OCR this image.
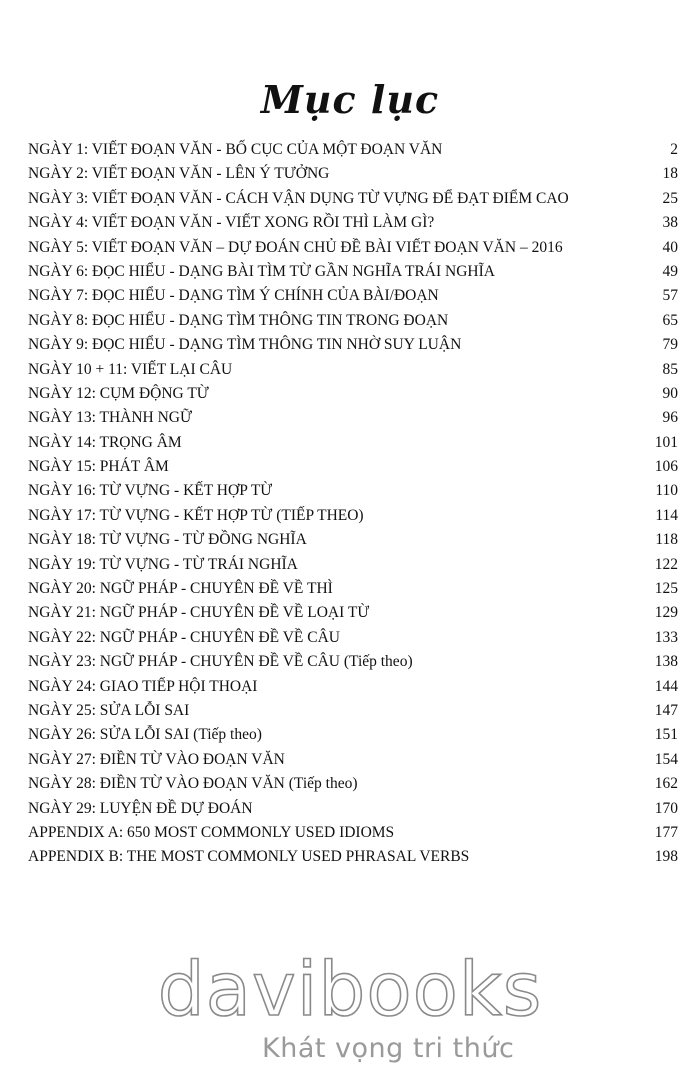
Mục lục
NGÀY 1: VIẾT ĐOẠN VĂN - BỐ CỤC CỦA MỘT ĐOẠN VĂN	2
NGÀY 2: VIẾT ĐOẠN VĂN - LÊN Ý TƯỞNG	18
NGÀY 3: VIẾT ĐOẠN VĂN - CÁCH VẬN DỤNG TỪ VỰNG ĐỂ ĐẠT ĐIỂM CAO	25
NGÀY 4: VIẾT ĐOẠN VĂN - VIẾT XONG RỒI THÌ LÀM GÌ?	38
NGÀY 5: VIẾT ĐOẠN VĂN – DỰ ĐOÁN CHỦ ĐỀ BÀI VIẾT ĐOẠN VĂN – 2016	40
NGÀY 6: ĐỌC HIỂU - DẠNG BÀI TÌM TỪ GẦN NGHĨA TRÁI NGHĨA	49
NGÀY 7: ĐỌC HIỂU - DẠNG TÌM Ý CHÍNH CỦA BÀI/ĐOẠN	57
NGÀY 8: ĐỌC HIỂU - DẠNG TÌM THÔNG TIN TRONG ĐOẠN	65
NGÀY 9: ĐỌC HIỂU - DẠNG TÌM THÔNG TIN NHỜ SUY LUẬN	79
NGÀY 10 + 11: VIẾT LẠI CÂU	85
NGÀY 12: CỤM ĐỘNG TỪ	90
NGÀY 13: THÀNH NGỮ	96
NGÀY 14: TRỌNG ÂM	101
NGÀY 15: PHÁT ÂM	106
NGÀY 16: TỪ VỰNG - KẾT HỢP TỪ	110
NGÀY 17: TỪ VỰNG - KẾT HỢP TỪ (TIẾP THEO)	114
NGÀY 18: TỪ VỰNG - TỪ ĐỒNG NGHĨA	118
NGÀY 19: TỪ VỰNG - TỪ TRÁI NGHĨA	122
NGÀY 20: NGỮ PHÁP - CHUYÊN ĐỀ VỀ THÌ	125
NGÀY 21: NGỮ PHÁP - CHUYÊN ĐỀ VỀ LOẠI TỪ	129
NGÀY 22: NGỮ PHÁP - CHUYÊN ĐỀ VỀ CÂU	133
NGÀY 23: NGỮ PHÁP - CHUYÊN ĐỀ VỀ CÂU (Tiếp theo)	138
NGÀY 24: GIAO TIẾP HỘI THOẠI	144
NGÀY 25: SỬA LỖI SAI	147
NGÀY 26: SỬA LỖI SAI (Tiếp theo)	151
NGÀY 27: ĐIỀN TỪ VÀO ĐOẠN VĂN	154
NGÀY 28: ĐIỀN TỪ VÀO ĐOẠN VĂN (Tiếp theo)	162
NGÀY 29: LUYỆN ĐỀ DỰ ĐOÁN	170
APPENDIX A: 650 MOST COMMONLY USED IDIOMS	177
APPENDIX B: THE MOST COMMONLY USED PHRASAL VERBS	198
davibooks
Khát vọng tri thức
